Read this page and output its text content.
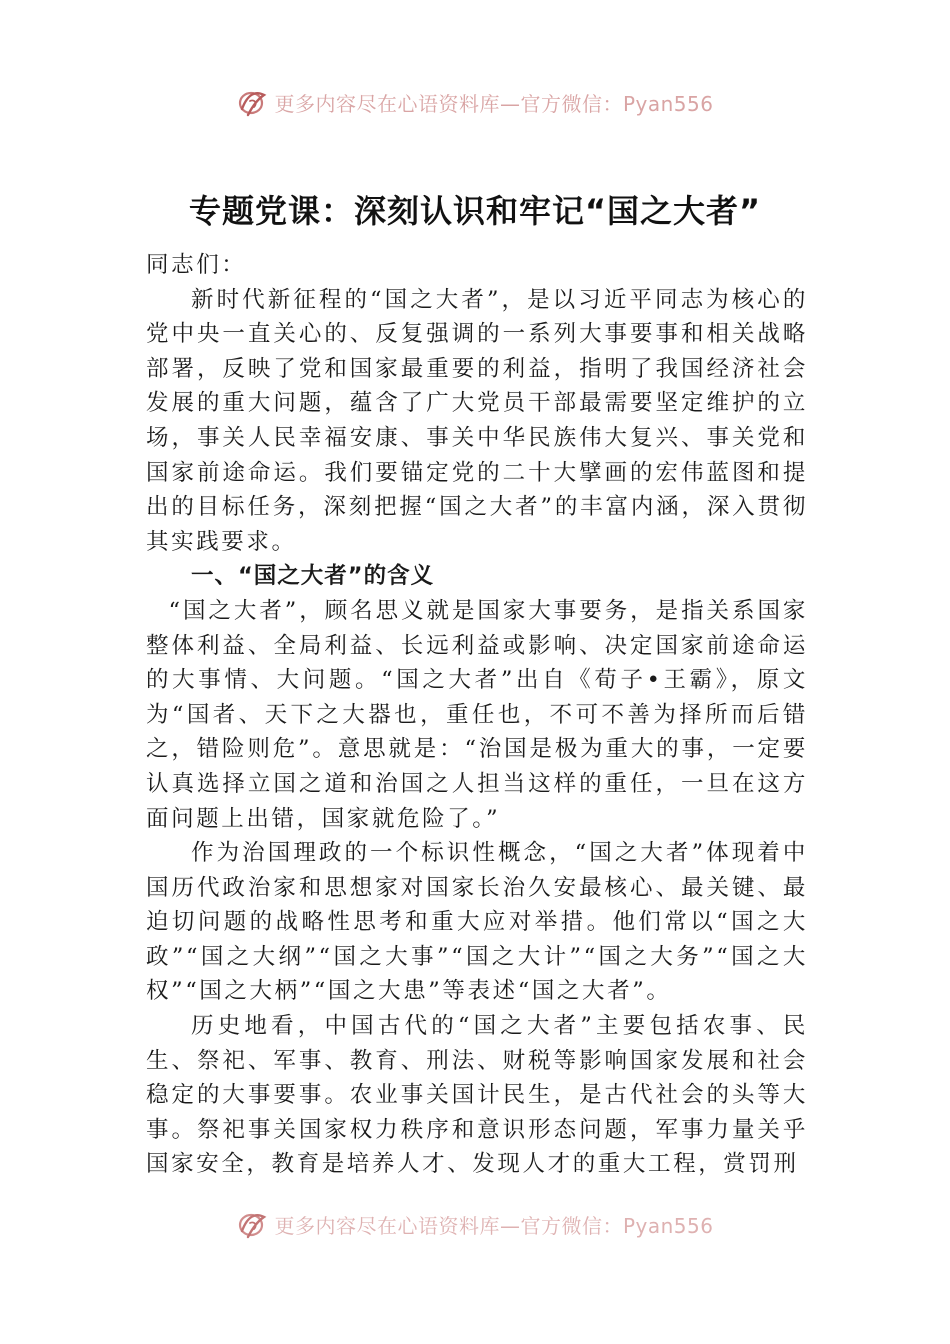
更多内容尽在心语资料库—官方微信：Pyan556
专题党课：深刻认识和牢记“国之大者”

同志们：

新时代新征程的“国之大者”，是以习近平同志为核心的党中央一直关心的、反复强调的一系列大事要事和相关战略部署，反映了党和国家最重要的利益，指明了我国经济社会发展的重大问题，蕴含了广大党员干部最需要坚定维护的立场，事关人民幸福安康、事关中华民族伟大复兴、事关党和国家前途命运。我们要锚定党的二十大擘画的宏伟蓝图和提出的目标任务，深刻把握“国之大者”的丰富内涵，深入贯彻其实践要求。

一、“国之大者”的含义

“国之大者”，顾名思义就是国家大事要务，是指关系国家整体利益、全局利益、长远利益或影响、决定国家前途命运的大事情、大问题。“国之大者”出自《荀子•王霸》，原文为“国者、天下之大器也，重任也，不可不善为择所而后错之，错险则危”。意思就是：“治国是极为重大的事，一定要认真选择立国之道和治国之人担当这样的重任，一旦在这方面问题上出错，国家就危险了。”

作为治国理政的一个标识性概念，“国之大者”体现着中国历代政治家和思想家对国家长治久安最核心、最关键、最迫切问题的战略性思考和重大应对举措。他们常以“国之大政”“国之大纲”“国之大事”“国之大计”“国之大务”“国之大权”“国之大柄”“国之大患”等表述“国之大者”。

历史地看，中国古代的“国之大者”主要包括农事、民生、祭祀、军事、教育、刑法、财税等影响国家发展和社会稳定的大事要事。农业事关国计民生，是古代社会的头等大事。祭祀事关国家权力秩序和意识形态问题，军事力量关乎国家安全，教育是培养人才、发现人才的重大工程，赏罚刑

更多内容尽在心语资料库—官方微信：Pyan556
